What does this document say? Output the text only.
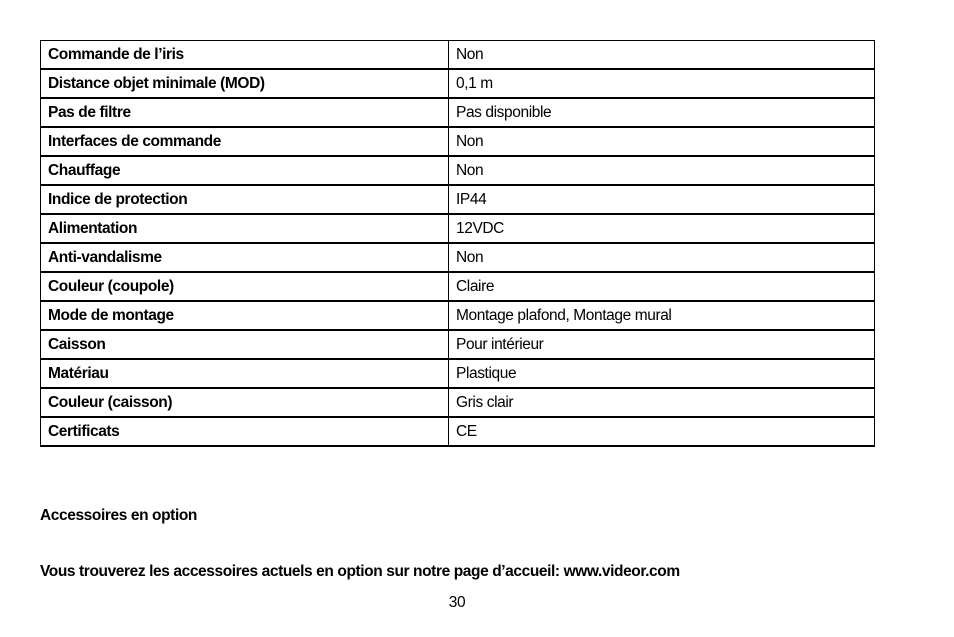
Commande de l’iris	Non
Distance objet minimale (MOD)	0,1 m
Pas de filtre	Pas disponible
Interfaces de commande	Non
Chauffage	Non
Indice de protection	IP44
Alimentation	12VDC
Anti-vandalisme	Non
Couleur (coupole)	Claire
Mode de montage	Montage plafond, Montage mural
Caisson	Pour intérieur
Matériau	Plastique
Couleur (caisson)	Gris clair
Certificats	CE
Accessoires en option
Vous trouverez les accessoires actuels en option sur notre page d’accueil: www.videor.com
30
